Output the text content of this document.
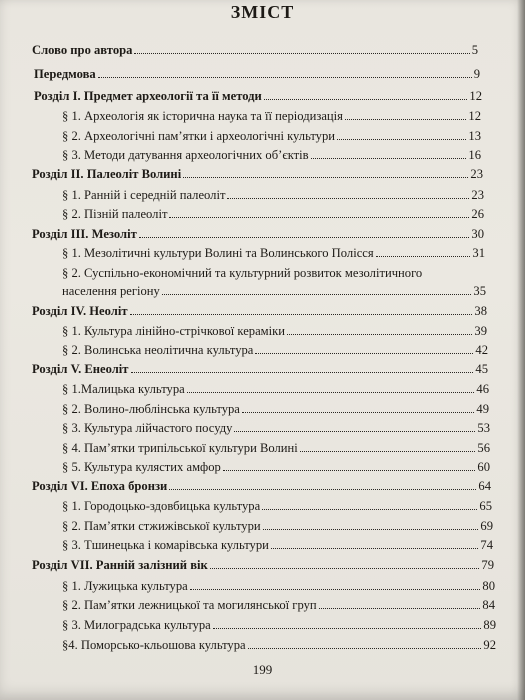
ЗМІСТ
Слово про автора	5
Передмова	9
Розділ І. Предмет археології та її методи	12
§ 1. Археологія як історична наука та її періодизація	12
§ 2. Археологічні пам’ятки і археологічні культури	13
§ 3. Методи датування археологічних об’єктів	16
Розділ II. Палеоліт Волині	23
§ 1. Ранній і середній палеоліт	23
§ 2. Пізній палеоліт	26
Розділ III. Мезоліт	30
§ 1. Мезолітичні культури Волині та Волинського Полісся	31
§ 2. Суспільно-економічний та культурний розвиток мезолітичного
населення регіону	35
Розділ IV. Неоліт	38
§ 1. Культура лінійно-стрічкової кераміки	39
§ 2. Волинська неолітична культура	42
Розділ V. Енеоліт	45
§ 1.Малицька культура	46
§ 2. Волино-люблінська культура	49
§ 3. Культура лійчастого посуду	53
§ 4. Пам’ятки трипільської культури Волині	56
§ 5. Культура кулястих амфор	60
Розділ VI. Епоха бронзи	64
§ 1. Городоцько-здовбицька культура	65
§ 2. Пам’ятки стжижівської культури	69
§ 3. Тшинецька і комарівська культури	74
Розділ VII. Ранній залізний вік	79
§ 1. Лужицька культура	80
§ 2. Пам’ятки лежницької та могилянської груп	84
§ 3. Милоградська культура	89
§4. Поморсько-кльошова культура	92
199
